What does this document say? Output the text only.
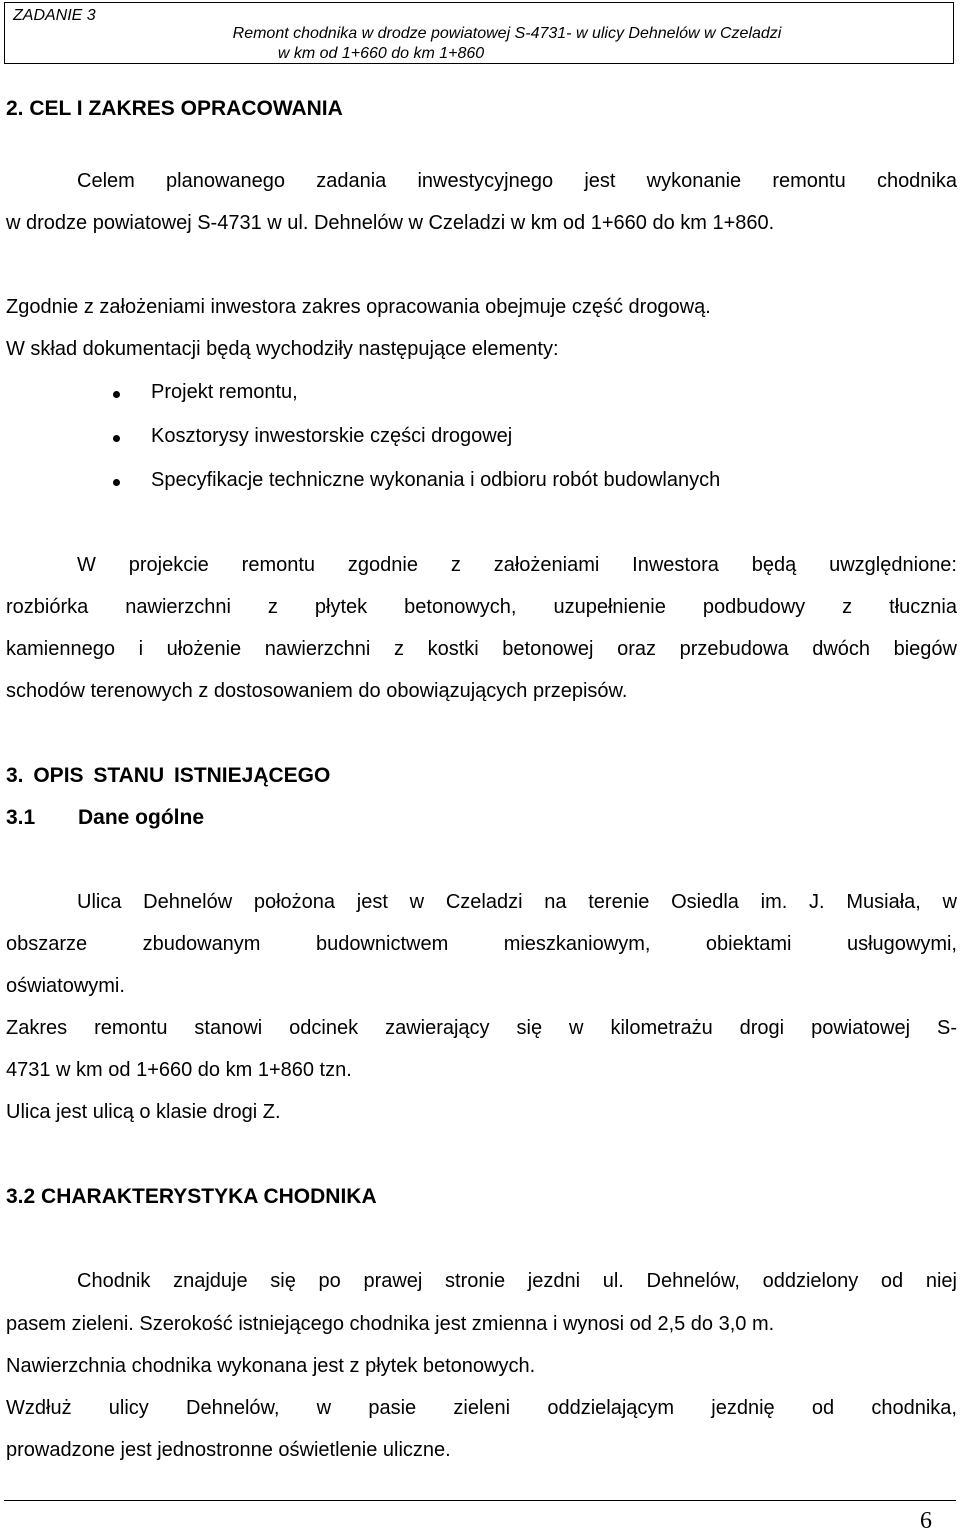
ZADANIE 3
Remont chodnika w drodze powiatowej S-4731- w ulicy Dehnelów w Czeladzi
w km od 1+660 do km 1+860
2. CEL I ZAKRES OPRACOWANIA
Celem planowanego zadania inwestycyjnego jest wykonanie remontu chodnika
w drodze powiatowej S-4731 w ul. Dehnelów w Czeladzi w km od 1+660 do km 1+860.
Zgodnie z założeniami inwestora zakres opracowania obejmuje część drogową.
W skład dokumentacji będą wychodziły następujące elementy:
Projekt remontu,
Kosztorysy inwestorskie części drogowej
Specyfikacje techniczne wykonania i odbioru robót budowlanych
W projekcie remontu zgodnie z założeniami Inwestora będą uwzględnione:
rozbiórka nawierzchni z płytek betonowych, uzupełnienie podbudowy z tłucznia
kamiennego i ułożenie nawierzchni z kostki betonowej oraz przebudowa dwóch biegów
schodów terenowych z dostosowaniem do obowiązujących przepisów.
3. OPIS STANU ISTNIEJĄCEGO
3.1 Dane ogólne
Ulica Dehnelów położona jest w Czeladzi na terenie Osiedla im. J. Musiała, w
obszarze zbudowanym budownictwem mieszkaniowym, obiektami usługowymi,
oświatowymi.
Zakres remontu stanowi odcinek zawierający się w kilometrażu drogi powiatowej S-
4731 w km od 1+660 do km 1+860 tzn.
Ulica jest ulicą o klasie drogi Z.
3.2 CHARAKTERYSTYKA CHODNIKA
Chodnik znajduje się po prawej stronie jezdni ul. Dehnelów, oddzielony od niej
pasem zieleni. Szerokość istniejącego chodnika jest zmienna i wynosi od 2,5 do 3,0 m.
Nawierzchnia chodnika wykonana jest z płytek betonowych.
Wzdłuż ulicy Dehnelów, w pasie zieleni oddzielającym jezdnię od chodnika,
prowadzone jest jednostronne oświetlenie uliczne.
6
